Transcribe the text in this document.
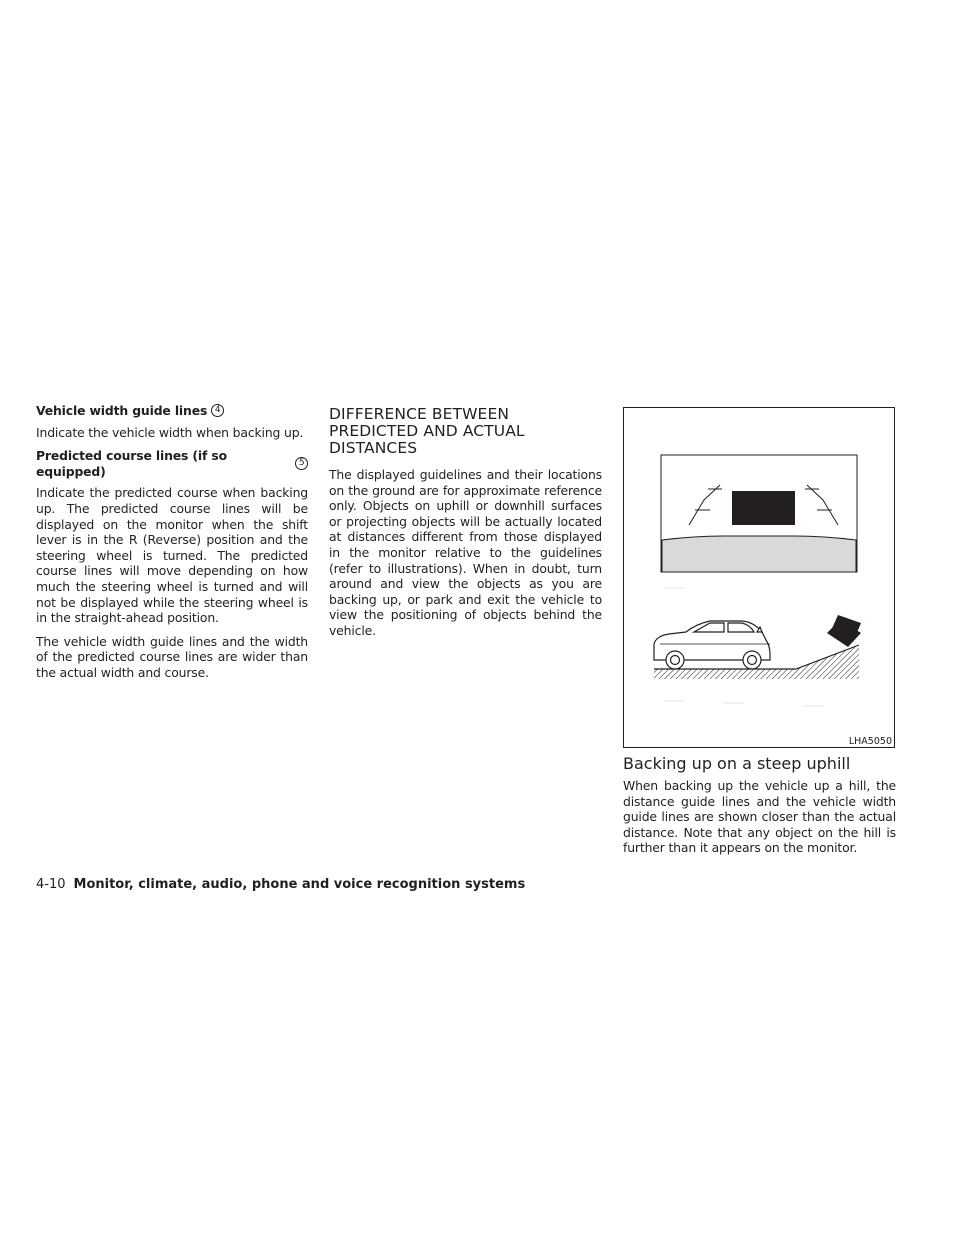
Vehicle width guide lines 4

Indicate the vehicle width when backing up.

Predicted course lines (if so equipped)
5

Indicate the predicted course when backing up. The predicted course lines will be displayed on the monitor when the shift lever is in the R (Reverse) position and the steering wheel is turned. The predicted course lines will move depending on how much the steering wheel is turned and will not be displayed while the steering wheel is in the straight-ahead position.

The vehicle width guide lines and the width of the predicted course lines are wider than the actual width and course.

DIFFERENCE BETWEEN PREDICTED AND ACTUAL DISTANCES

The displayed guidelines and their locations on the ground are for approximate reference only. Objects on uphill or downhill surfaces or projecting objects will be actually located at distances different from those displayed in the monitor relative to the guidelines (refer to illustrations). When in doubt, turn around and view the objects as you are backing up, or park and exit the vehicle to view the positioning of objects behind the vehicle.

LHA5050
Backing up on a steep uphill

When backing up the vehicle up a hill, the distance guide lines and the vehicle width guide lines are shown closer than the actual distance. Note that any object on the hill is further than it appears on the monitor.

4-10 Monitor, climate, audio, phone and voice recognition systems
